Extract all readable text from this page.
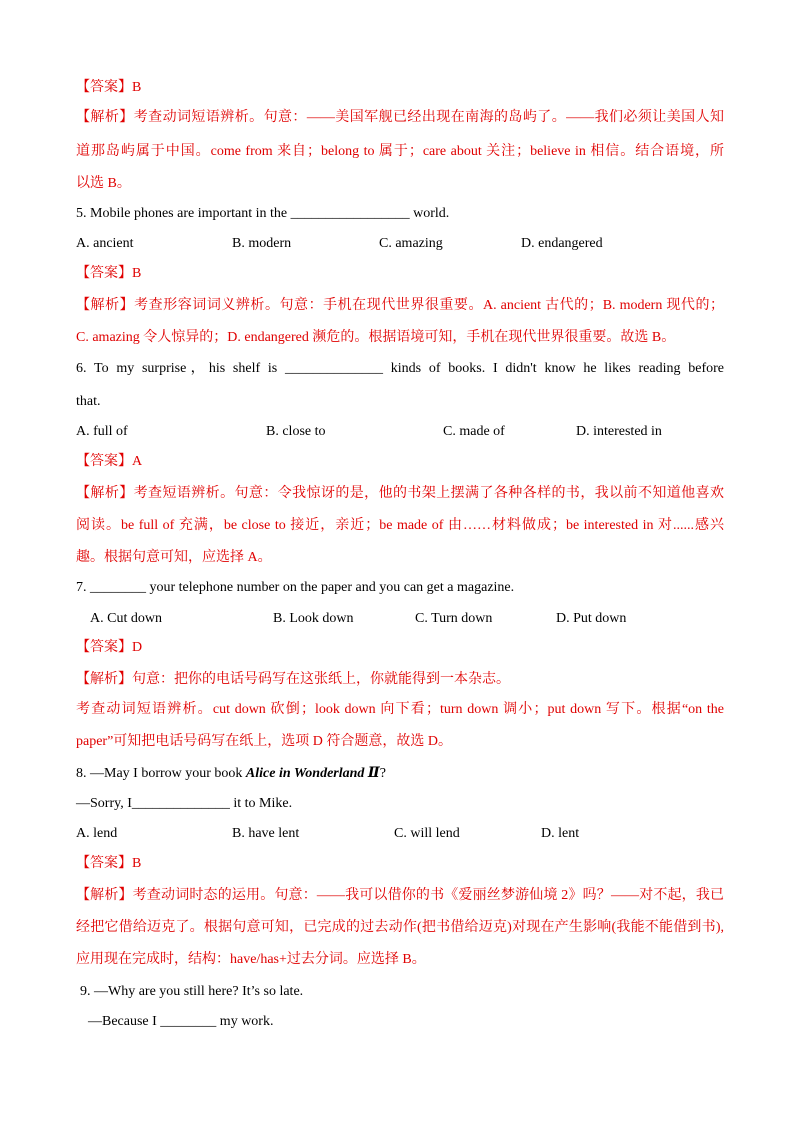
【答案】B
【解析】考查动词短语辨析。句意：——美国军舰已经出现在南海的岛屿了。——我们必须让美国人知
道那岛屿属于中国。come from 来自；belong to 属于；care about 关注；believe in 相信。结合语境，所
以选 B。
5. Mobile phones are important in the _________________ world.
A. ancient	B. modern	C. amazing	D. endangered
【答案】B
【解析】考查形容词词义辨析。句意：手机在现代世界很重要。A. ancient 古代的；B. modern 现代的；
C. amazing 令人惊异的；D. endangered 濒危的。根据语境可知，手机在现代世界很重要。故选 B。
6. To my surprise，his shelf is ______________ kinds of books. I didn't know he likes reading before
that.
A. full of	B. close to	C. made of	D. interested in
【答案】A
【解析】考查短语辨析。句意：令我惊讶的是，他的书架上摆满了各种各样的书，我以前不知道他喜欢
阅读。be full of 充满，be close to 接近，亲近；be made of 由……材料做成；be interested in 对......感兴
趣。根据句意可知，应选择 A。
7. ________ your telephone number on the paper and you can get a magazine.
A. Cut down	B. Look down	C. Turn down	D. Put down
【答案】D
【解析】句意：把你的电话号码写在这张纸上，你就能得到一本杂志。
考查动词短语辨析。cut down 砍倒；look down 向下看；turn down 调小；put down 写下。根据“on the
paper”可知把电话号码写在纸上，选项 D 符合题意，故选 D。
8. —May I borrow your book Alice in Wonderland Ⅱ?
—Sorry, I______________ it to Mike.
A. lend	B. have lent	C. will lend	D. lent
【答案】B
【解析】考查动词时态的运用。句意：——我可以借你的书《爱丽丝梦游仙境 2》吗？——对不起，我已
经把它借给迈克了。根据句意可知，已完成的过去动作(把书借给迈克)对现在产生影响(我能不能借到书),
应用现在完成时，结构：have/has+过去分词。应选择 B。
9. —Why are you still here? It’s so late.
—Because I ________ my work.
